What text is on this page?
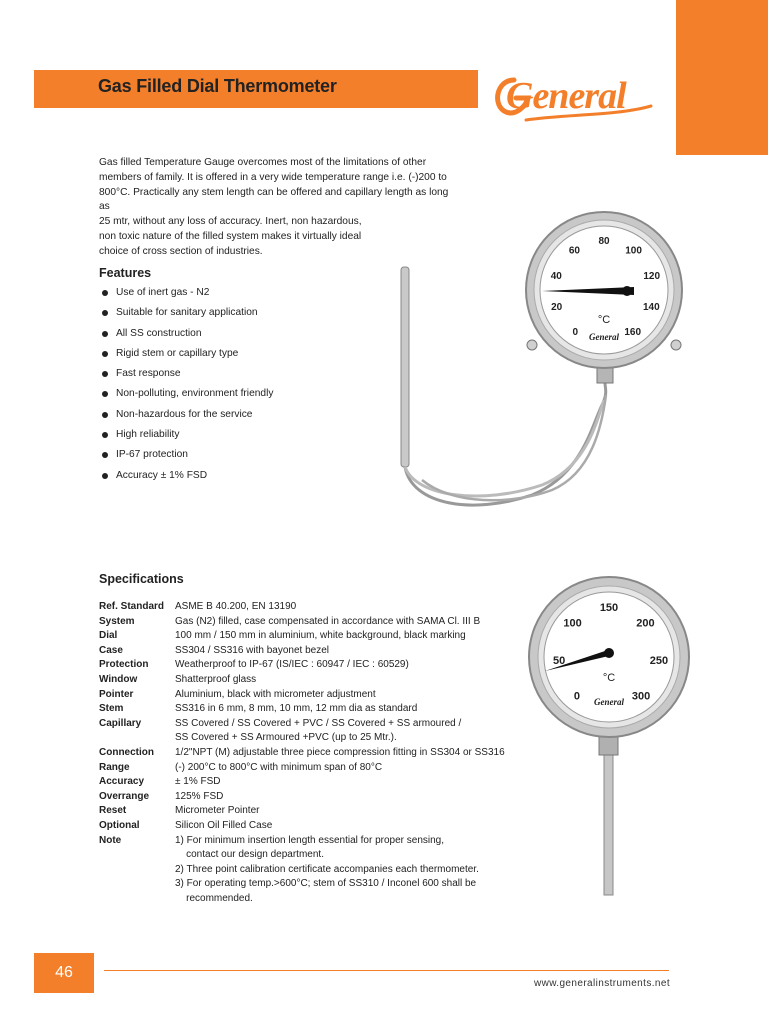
Gas Filled Dial Thermometer	General
Gas filled Temperature Gauge overcomes most of the limitations of other
members of family. It is offered in a very wide temperature range i.e. (-)200 to
800°C. Practically any stem length can be offered and capillary length as long
as
25 mtr, without any loss of accuracy. Inert, non hazardous,
non toxic nature of the filled system makes it virtually ideal
choice of cross section of industries.
Features
Use of inert gas - N2
Suitable for sanitary application
All SS construction
Rigid stem or capillary type
Fast response
Non-polluting, environment friendly
Non-hazardous for the service
High reliability
IP-67 protection
Accuracy ± 1% FSD
Specifications
Ref. Standard	ASME B 40.200, EN 13190
System	Gas (N2) filled, case compensated in accordance with SAMA Cl. III B
Dial	100 mm / 150 mm in aluminium, white background, black marking
Case	SS304 / SS316 with bayonet bezel
Protection	Weatherproof to IP-67 (IS/IEC : 60947 / IEC : 60529)
Window	Shatterproof glass
Pointer	Aluminium, black with micrometer adjustment
Stem	SS316 in 6 mm, 8 mm, 10 mm, 12 mm dia as standard
Capillary	SS Covered / SS Covered + PVC / SS Covered + SS armoured /
SS Covered + SS Armoured +PVC (up to 25 Mtr.).
Connection	1/2"NPT (M) adjustable three piece compression fitting in SS304 or SS316
Range	(-) 200°C to 800°C with minimum span of 80°C
Accuracy	± 1% FSD
Overrange	125% FSD
Reset	Micrometer Pointer
Optional	Silicon Oil Filled Case
Note	1) For minimum insertion length essential for proper sensing,
contact our design department.
2) Three point calibration certificate accompanies each thermometer.
3) For operating temp.>600°C; stem of SS310 / Inconel 600 shall be
recommended.
0
20
40
60
80
100
120
140
160
°C
General
0
50
100
150
200
250
300
°C
General
46
www.generalinstruments.net
